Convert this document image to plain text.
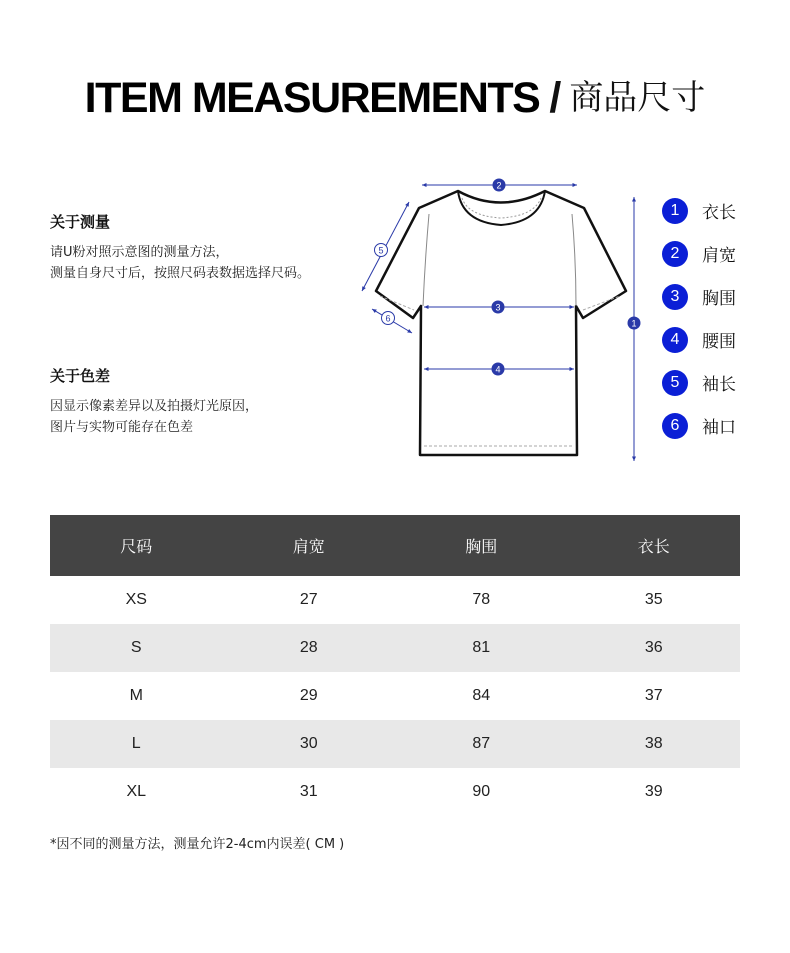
ITEM MEASUREMENTS / 商品尺寸
关于测量

请U粉对照示意图的测量方法，

测量自身尺寸后，按照尺码表数据选择尺码。

关于色差

因显示像素差异以及拍摄灯光原因，

图片与实物可能存在色差

2
3
4
1
5
6
1	衣长
2	肩宽
3	胸围
4	腰围
5	袖长
6	袖口
尺码	肩宽	胸围	衣长
XS	27	78	35
S	28	81	36
M	29	84	37
L	30	87	38
XL	31	90	39
*因不同的测量方法，测量允许2-4cm内误差( CM )
